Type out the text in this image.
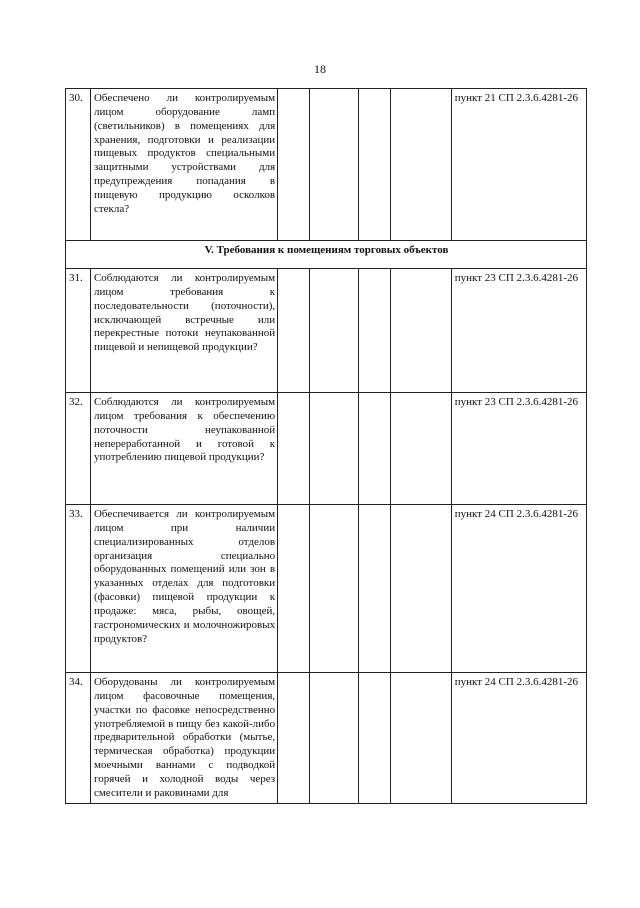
18
30.	Обеспечено ли контролируемым лицом оборудование ламп (светильников) в помещениях для хранения, подготовки и реализации пищевых продуктов специальными защитными устройствами для предупреждения попадания в пищевую продукцию осколков стекла?					пункт 21 СП 2.3.6.4281-26
V. Требования к помещениям торговых объектов						
31.	Соблюдаются ли контролируемым лицом требования к последовательности (поточности), исключающей встречные или перекрестные потоки неупакованной пищевой и непищевой продукции?					пункт 23 СП 2.3.6.4281-26
32.	Соблюдаются ли контролируемым лицом требования к обеспечению поточности неупакованной непереработанной и готовой к употреблению пищевой продукции?					пункт 23 СП 2.3.6.4281-26
33.	Обеспечивается ли контролируемым лицом при наличии специализированных отделов организация специально оборудованных помещений или зон в указанных отделах для подготовки (фасовки) пищевой продукции к продаже: мяса, рыбы, овощей, гастрономических и молочножировых продуктов?					пункт 24 СП 2.3.6.4281-26
34.	Оборудованы ли контролируемым лицом фасовочные помещения, участки по фасовке непосредственно употребляемой в пищу без какой-либо предварительной обработки (мытье, термическая обработка) продукции моечными ваннами с подводкой горячей и холодной воды через смесители и раковинами для					пункт 24 СП 2.3.6.4281-26
